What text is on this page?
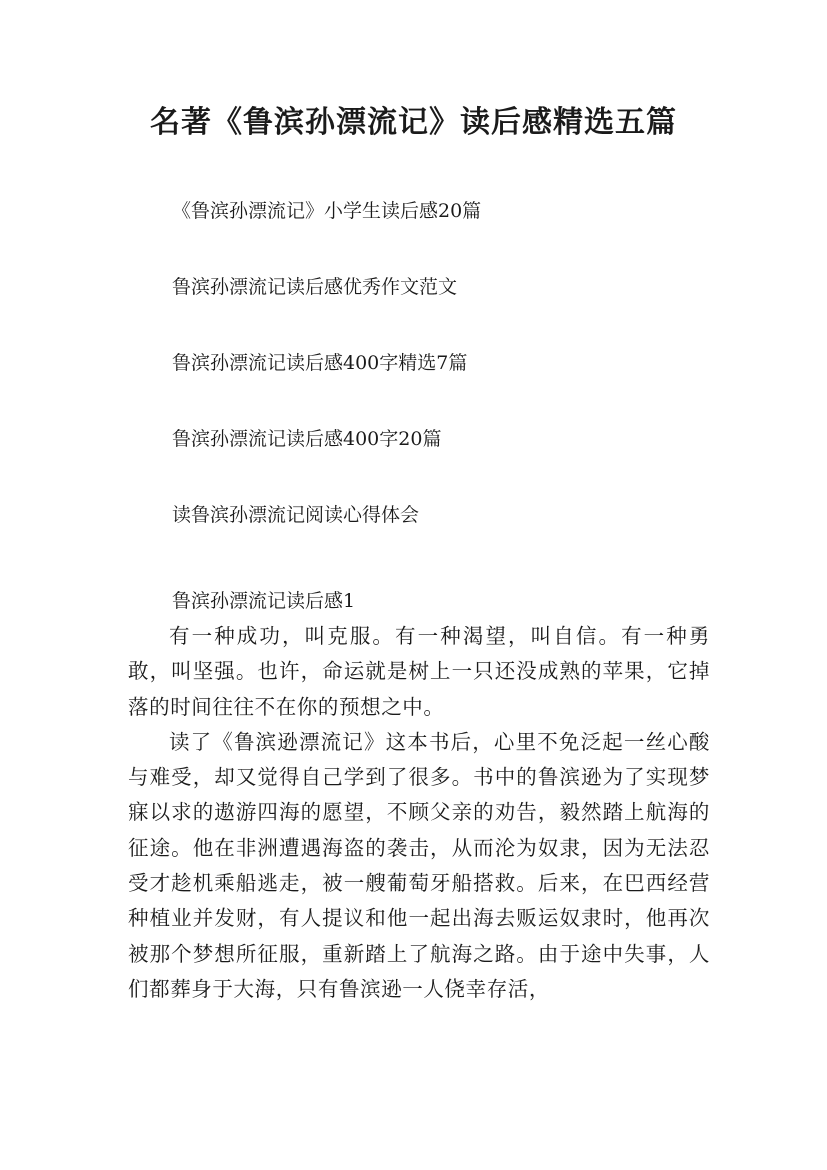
名著《鲁滨孙漂流记》读后感精选五篇
《鲁滨孙漂流记》小学生读后感20篇
鲁滨孙漂流记读后感优秀作文范文
鲁滨孙漂流记读后感400字精选7篇
鲁滨孙漂流记读后感400字20篇
读鲁滨孙漂流记阅读心得体会
鲁滨孙漂流记读后感1

有一种成功，叫克服。有一种渴望，叫自信。有一种勇敢，叫坚强。也许，命运就是树上一只还没成熟的苹果，它掉落的时间往往不在你的预想之中。

读了《鲁滨逊漂流记》这本书后，心里不免泛起一丝心酸与难受，却又觉得自己学到了很多。书中的鲁滨逊为了实现梦寐以求的遨游四海的愿望，不顾父亲的劝告，毅然踏上航海的征途。他在非洲遭遇海盗的袭击，从而沦为奴隶，因为无法忍受才趁机乘船逃走，被一艘葡萄牙船搭救。后来，在巴西经营种植业并发财，有人提议和他一起出海去贩运奴隶时，他再次被那个梦想所征服，重新踏上了航海之路。由于途中失事，人们都葬身于大海，只有鲁滨逊一人侥幸存活，
